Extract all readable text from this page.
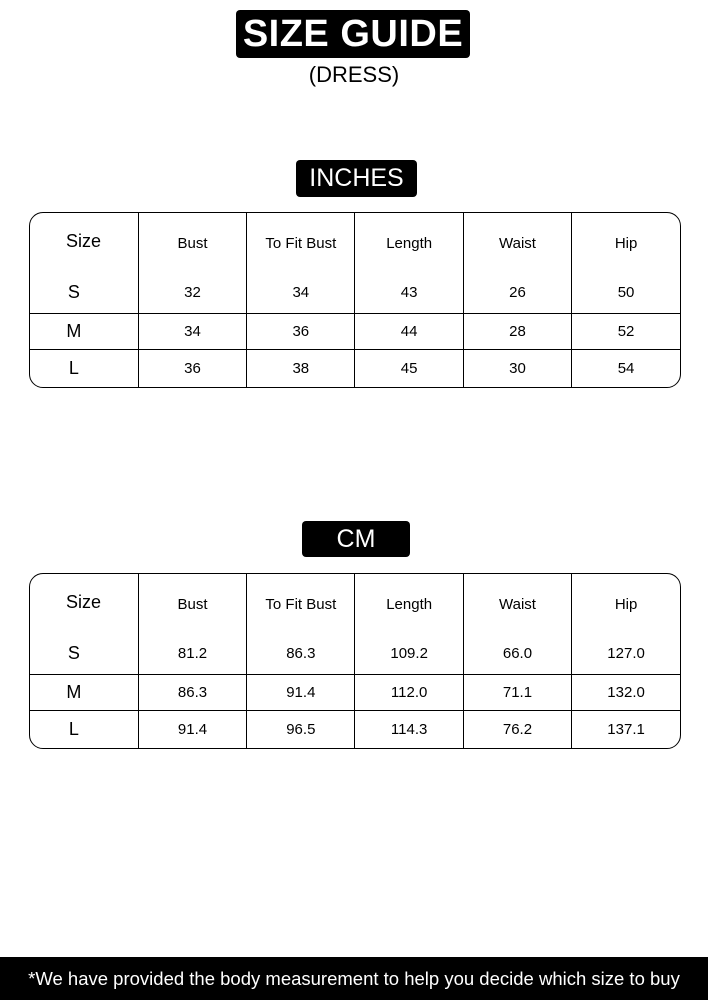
SIZE GUIDE
(DRESS)
INCHES
Size	Bust	To Fit Bust	Length	Waist	Hip
S	32	34	43	26	50
M	34	36	44	28	52
L	36	38	45	30	54
CM
Size	Bust	To Fit Bust	Length	Waist	Hip
S	81.2	86.3	109.2	66.0	127.0
M	86.3	91.4	112.0	71.1	132.0
L	91.4	96.5	114.3	76.2	137.1
*We have provided the body measurement to help you decide which size to buy
